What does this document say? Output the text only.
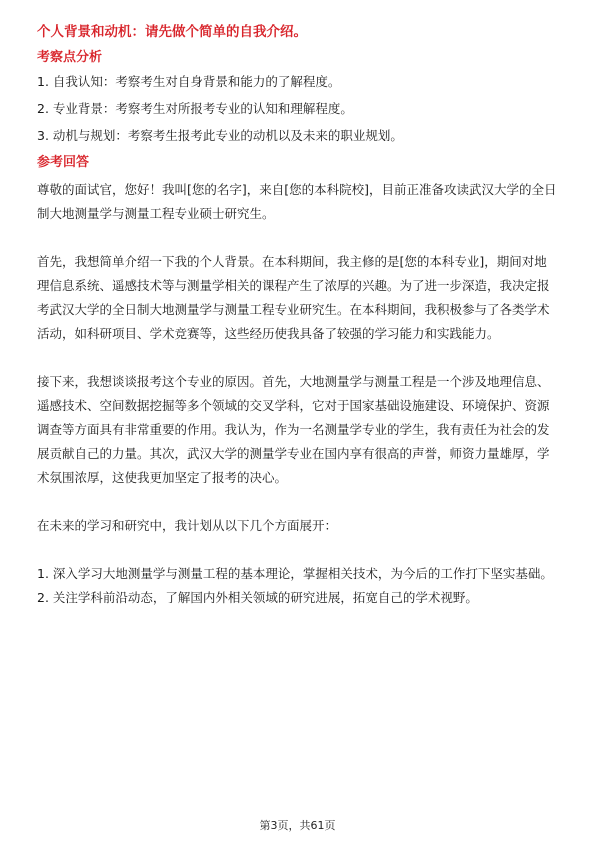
个人背景和动机：请先做个简单的自我介绍。
考察点分析
1. 自我认知：考察考生对自身背景和能力的了解程度。
2. 专业背景：考察考生对所报考专业的认知和理解程度。
3. 动机与规划：考察考生报考此专业的动机以及未来的职业规划。
参考回答

尊敬的面试官，您好！我叫[您的名字]，来自[您的本科院校]，目前正准备攻读武汉大学的全日制大地测量学与测量工程专业硕士研究生。

首先，我想简单介绍一下我的个人背景。在本科期间，我主修的是[您的本科专业]，期间对地理信息系统、遥感技术等与测量学相关的课程产生了浓厚的兴趣。为了进一步深造，我决定报考武汉大学的全日制大地测量学与测量工程专业研究生。在本科期间，我积极参与了各类学术活动，如科研项目、学术竞赛等，这些经历使我具备了较强的学习能力和实践能力。

接下来，我想谈谈报考这个专业的原因。首先，大地测量学与测量工程是一个涉及地理信息、遥感技术、空间数据挖掘等多个领域的交叉学科，它对于国家基础设施建设、环境保护、资源调查等方面具有非常重要的作用。我认为，作为一名测量学专业的学生，我有责任为社会的发展贡献自己的力量。其次，武汉大学的测量学专业在国内享有很高的声誉，师资力量雄厚，学术氛围浓厚，这使我更加坚定了报考的决心。

在未来的学习和研究中，我计划从以下几个方面展开：

1. 深入学习大地测量学与测量工程的基本理论，掌握相关技术，为今后的工作打下坚实基础。

2. 关注学科前沿动态，了解国内外相关领域的研究进展，拓宽自己的学术视野。

第3页，共61页
